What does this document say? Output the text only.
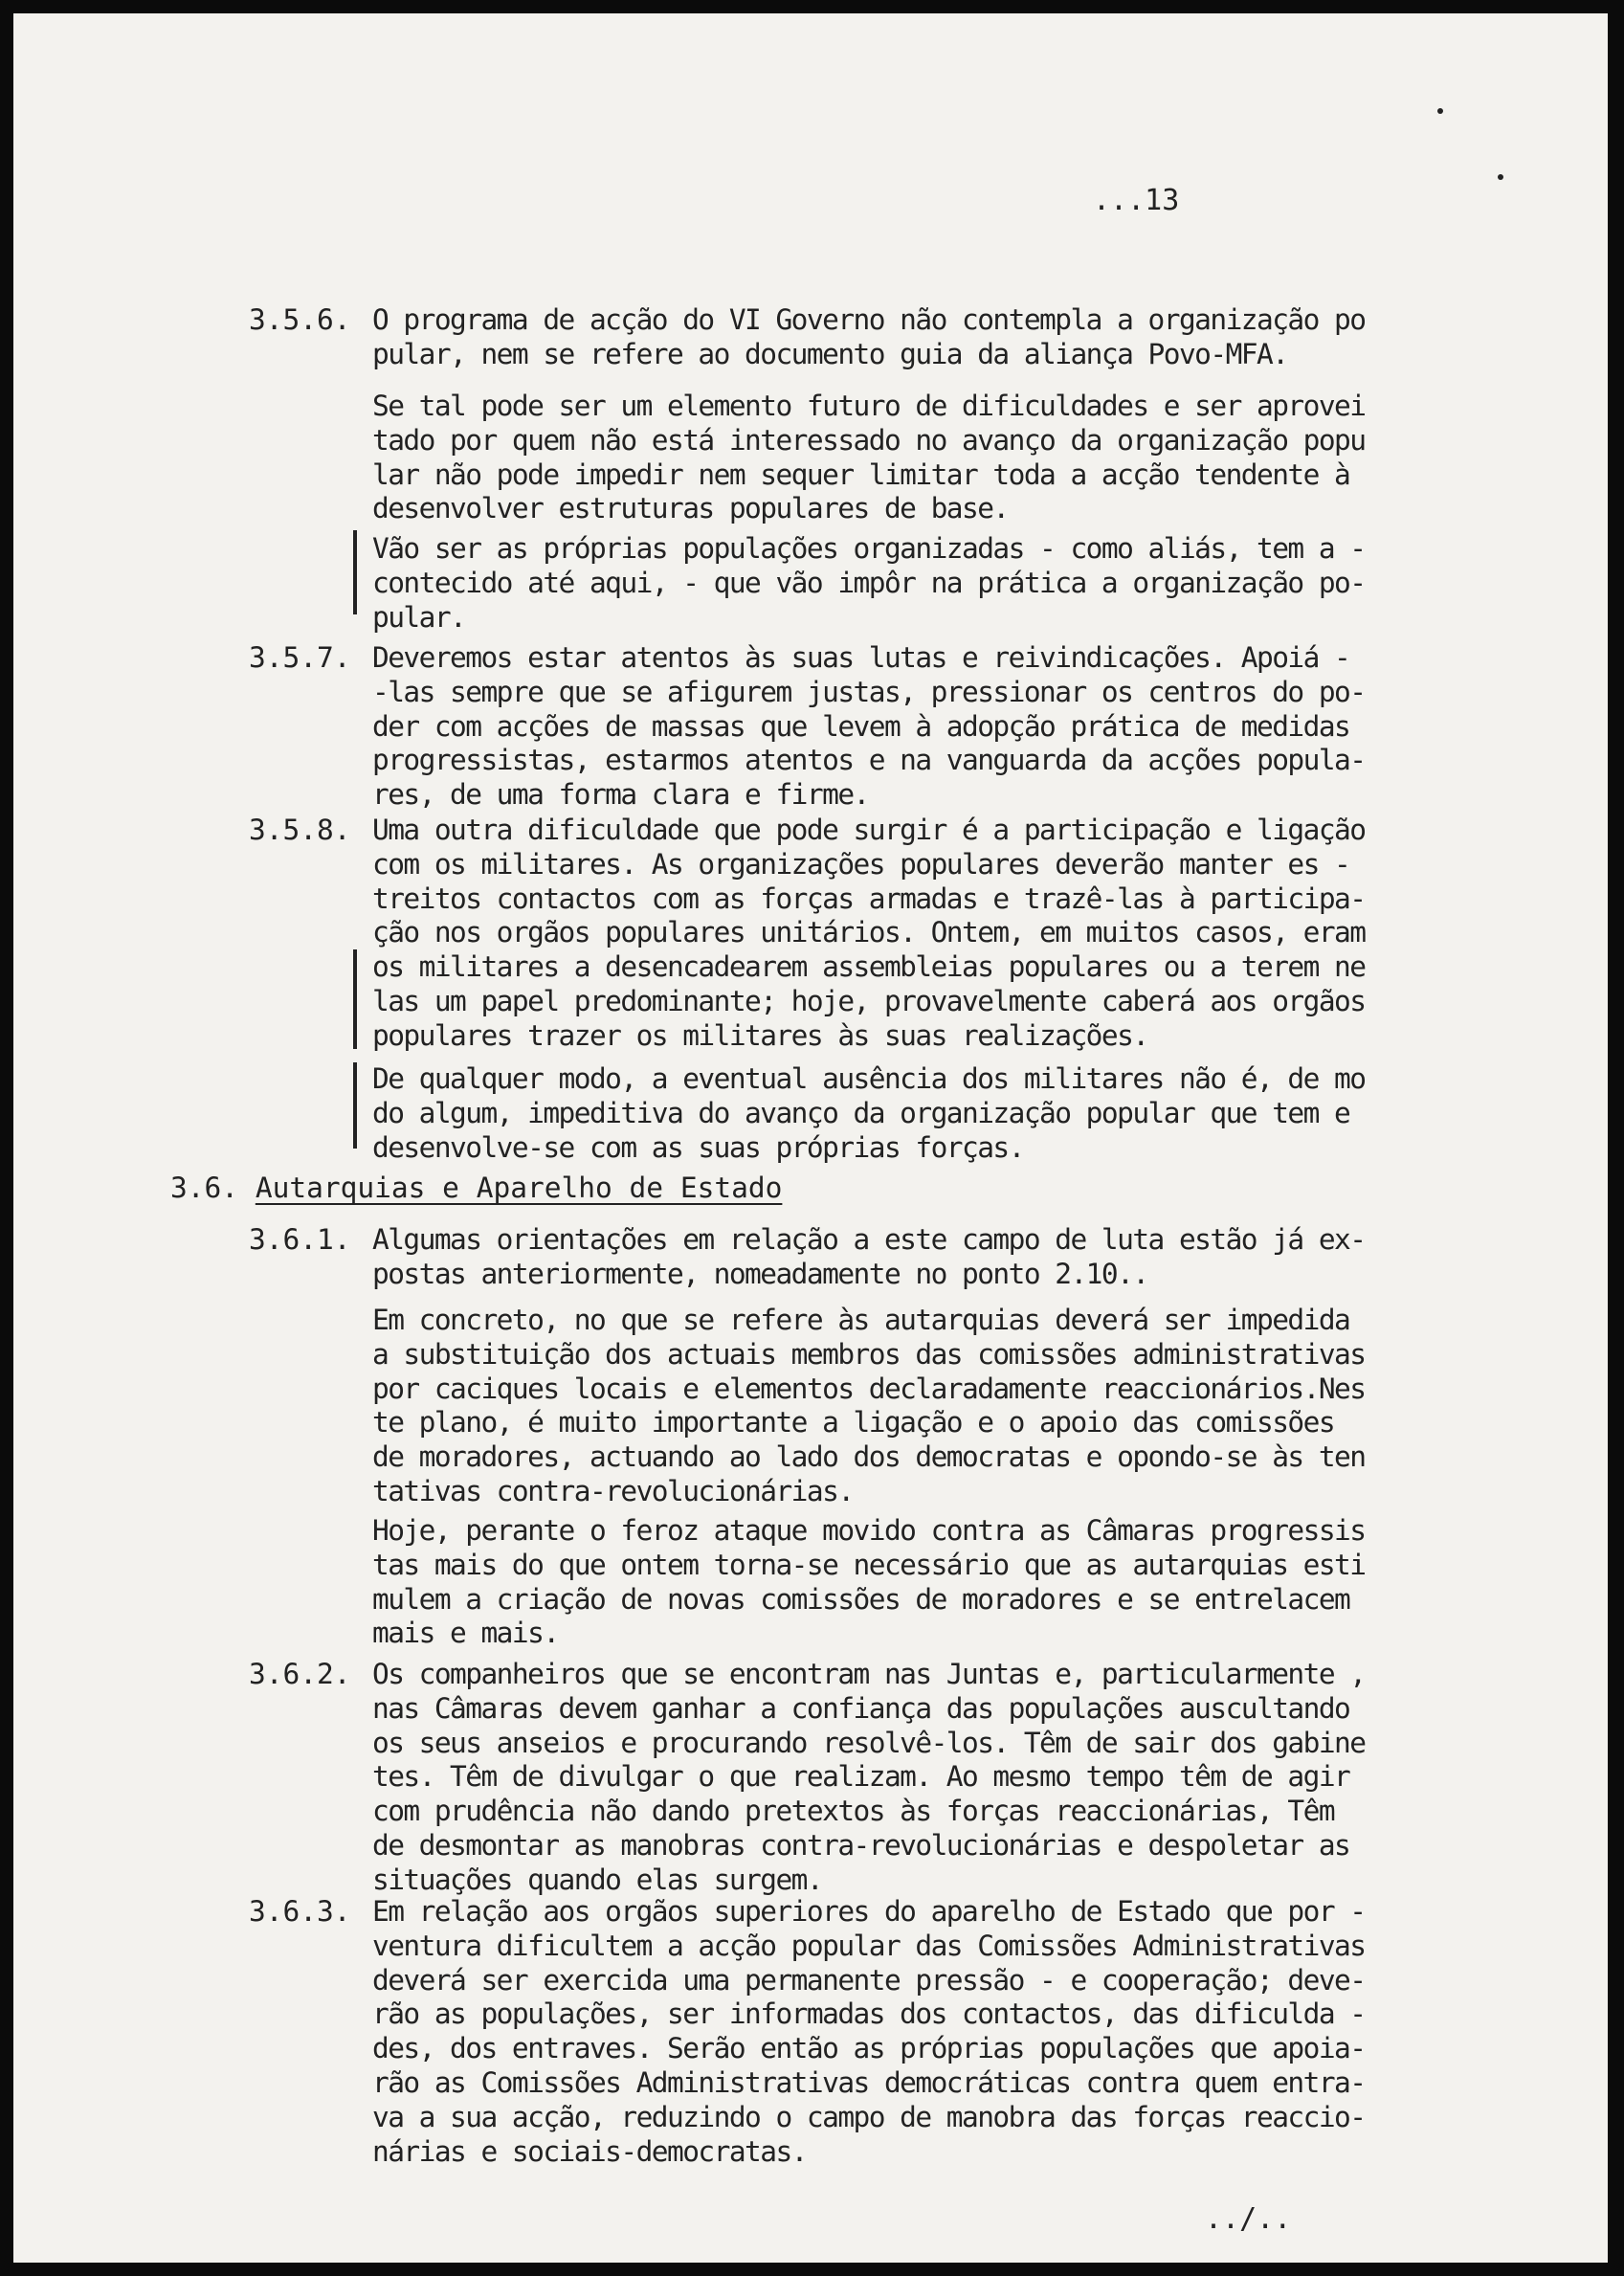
...13
3.5.6. O programa de acção do VI Governo não contempla a organização po
pular, nem se refere ao documento guia da aliança Povo-MFA.
Se tal pode ser um elemento futuro de dificuldades e ser aprovei
tado por quem não está interessado no avanço da organização popu
lar não pode impedir nem sequer limitar toda a acção tendente à
desenvolver estruturas populares de base.
Vão ser as próprias populações organizadas - como aliás, tem a -
contecido até aqui, - que vão impôr na prática a organização po-
pular.
3.5.7. Deveremos estar atentos às suas lutas e reivindicações. Apoiá -
-las sempre que se afigurem justas, pressionar os centros do po-
der com acções de massas que levem à adopção prática de medidas
progressistas, estarmos atentos e na vanguarda da acções popula-
res, de uma forma clara e firme.
3.5.8. Uma outra dificuldade que pode surgir é a participação e ligação
com os militares. As organizações populares deverão manter es -
treitos contactos com as forças armadas e trazê-las à participa-
ção nos orgãos populares unitários. Ontem, em muitos casos, eram
os militares a desencadearem assembleias populares ou a terem ne
las um papel predominante; hoje, provavelmente caberá aos orgãos
populares trazer os militares às suas realizações.
De qualquer modo, a eventual ausência dos militares não é, de mo
do algum, impeditiva do avanço da organização popular que tem e
desenvolve-se com as suas próprias forças.
3.6. Autarquias e Aparelho de Estado
3.6.1. Algumas orientações em relação a este campo de luta estão já ex-
postas anteriormente, nomeadamente no ponto 2.10..
Em concreto, no que se refere às autarquias deverá ser impedida
a substituição dos actuais membros das comissões administrativas
por caciques locais e elementos declaradamente reaccionários.Nes
te plano, é muito importante a ligação e o apoio das comissões
de moradores, actuando ao lado dos democratas e opondo-se às ten
tativas contra-revolucionárias.
Hoje, perante o feroz ataque movido contra as Câmaras progressis
tas mais do que ontem torna-se necessário que as autarquias esti
mulem a criação de novas comissões de moradores e se entrelacem
mais e mais.
3.6.2. Os companheiros que se encontram nas Juntas e, particularmente ,
nas Câmaras devem ganhar a confiança das populações auscultando
os seus anseios e procurando resolvê-los. Têm de sair dos gabine
tes. Têm de divulgar o que realizam. Ao mesmo tempo têm de agir
com prudência não dando pretextos às forças reaccionárias, Têm
de desmontar as manobras contra-revolucionárias e despoletar as
situações quando elas surgem.
3.6.3. Em relação aos orgãos superiores do aparelho de Estado que por -
ventura dificultem a acção popular das Comissões Administrativas
deverá ser exercida uma permanente pressão - e cooperação; deve-
rão as populações, ser informadas dos contactos, das dificulda -
des, dos entraves. Serão então as próprias populações que apoia-
rão as Comissões Administrativas democráticas contra quem entra-
va a sua acção, reduzindo o campo de manobra das forças reaccio-
nárias e sociais-democratas.
../..
